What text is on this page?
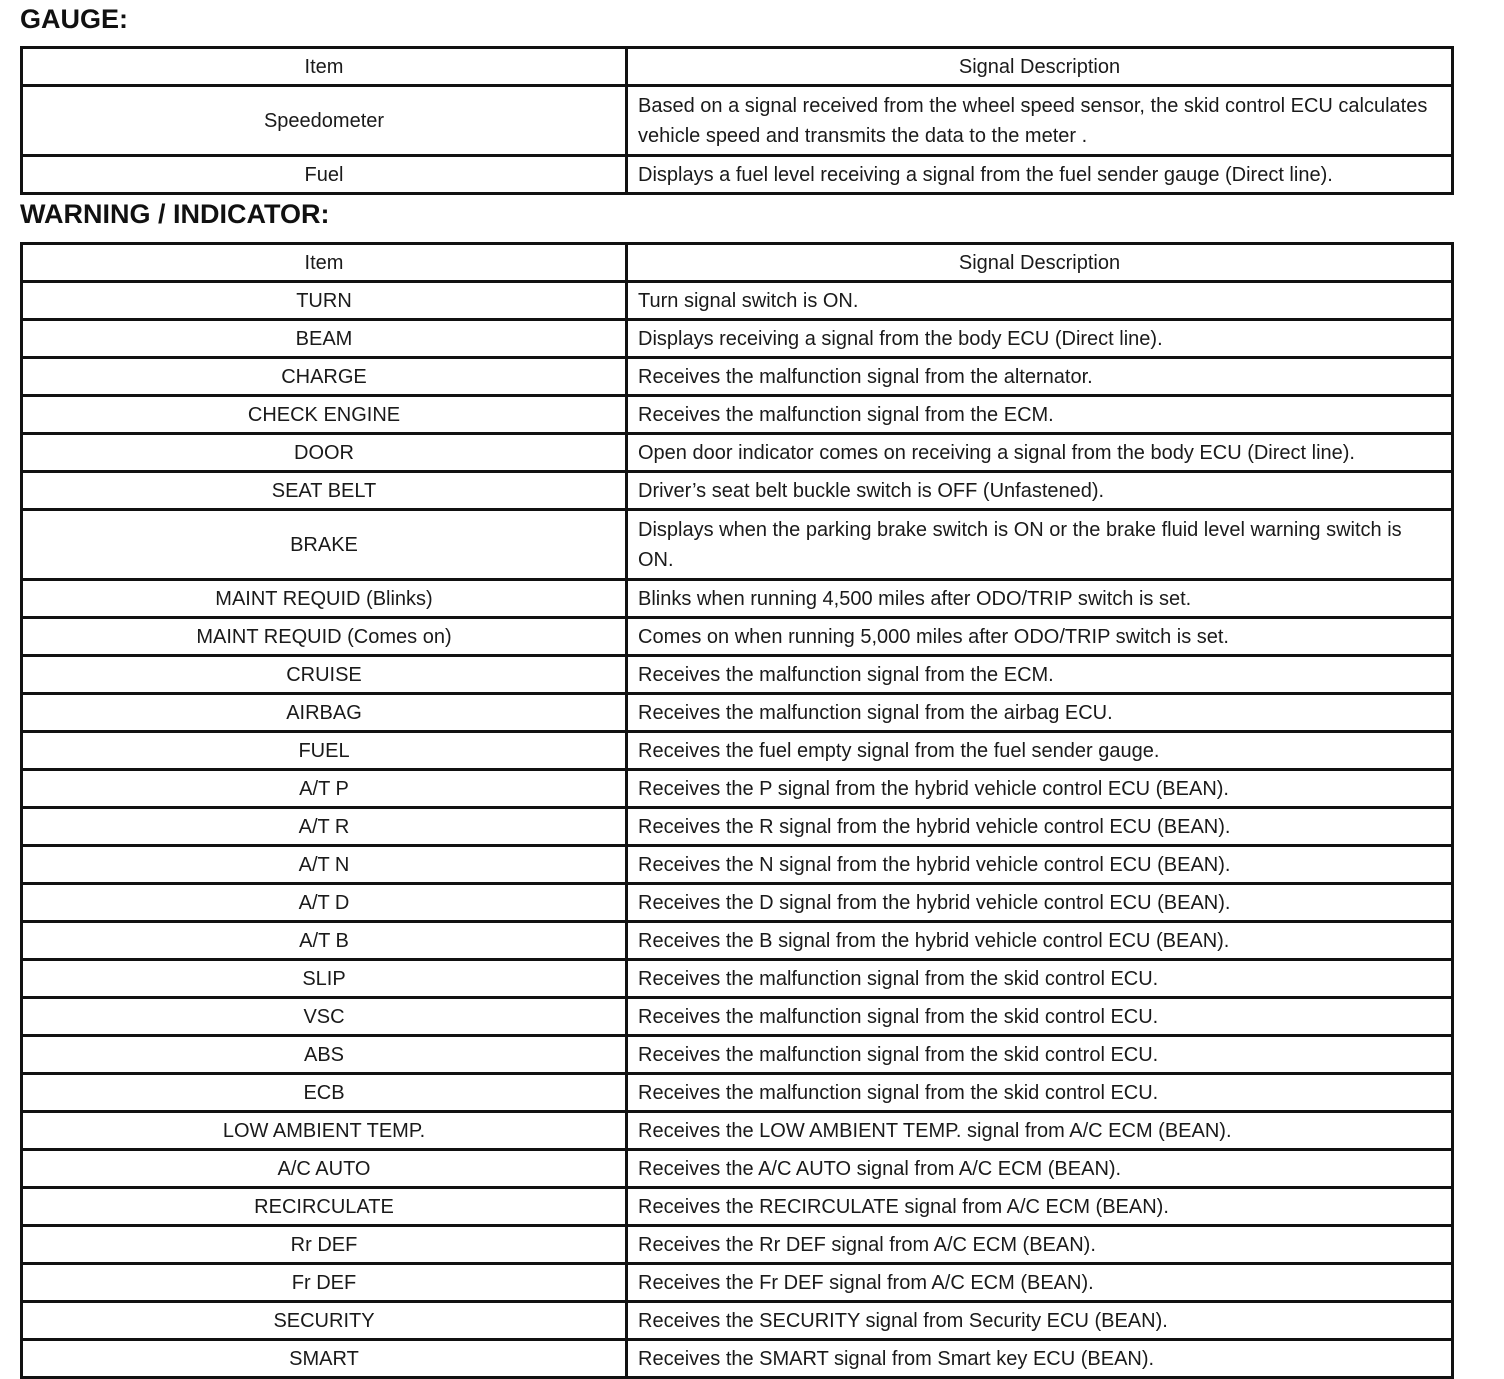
GAUGE:
Item	Signal Description
Speedometer	Based on a signal received from the wheel speed sensor, the skid control ECU calculates vehicle speed and transmits the data to the meter .
Fuel	Displays a fuel level receiving a signal from the fuel sender gauge (Direct line).
WARNING / INDICATOR:
Item	Signal Description
TURN	Turn signal switch is ON.
BEAM	Displays receiving a signal from the body ECU (Direct line).
CHARGE	Receives the malfunction signal from the alternator.
CHECK ENGINE	Receives the malfunction signal from the ECM.
DOOR	Open door indicator comes on receiving a signal from the body ECU (Direct line).
SEAT BELT	Driver’s seat belt buckle switch is OFF (Unfastened).
BRAKE	Displays when the parking brake switch is ON or the brake fluid level warning switch is ON.
MAINT REQUID (Blinks)	Blinks when running 4,500 miles after ODO/TRIP switch is set.
MAINT REQUID (Comes on)	Comes on when running 5,000 miles after ODO/TRIP switch is set.
CRUISE	Receives the malfunction signal from the ECM.
AIRBAG	Receives the malfunction signal from the airbag ECU.
FUEL	Receives the fuel empty signal from the fuel sender gauge.
A/T P	Receives the P signal from the hybrid vehicle control ECU (BEAN).
A/T R	Receives the R signal from the hybrid vehicle control ECU (BEAN).
A/T N	Receives the N signal from the hybrid vehicle control ECU (BEAN).
A/T D	Receives the D signal from the hybrid vehicle control ECU (BEAN).
A/T B	Receives the B signal from the hybrid vehicle control ECU (BEAN).
SLIP	Receives the malfunction signal from the skid control ECU.
VSC	Receives the malfunction signal from the skid control ECU.
ABS	Receives the malfunction signal from the skid control ECU.
ECB	Receives the malfunction signal from the skid control ECU.
LOW AMBIENT TEMP.	Receives the LOW AMBIENT TEMP. signal from A/C ECM (BEAN).
A/C AUTO	Receives the A/C AUTO signal from A/C ECM (BEAN).
RECIRCULATE	Receives the RECIRCULATE signal from A/C ECM (BEAN).
Rr DEF	Receives the Rr DEF signal from A/C ECM (BEAN).
Fr DEF	Receives the Fr DEF signal from A/C ECM (BEAN).
SECURITY	Receives the SECURITY signal from Security ECU (BEAN).
SMART	Receives the SMART signal from Smart key ECU (BEAN).
